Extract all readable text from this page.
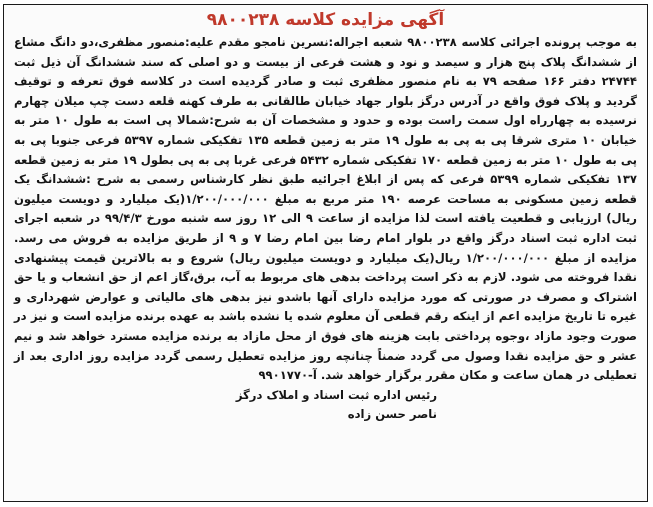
آگهی مزایده کلاسه ۹۸۰۰۲۳۸
به موجب پرونده اجرائی کلاسه ۹۸۰۰۲۳۸ شعبه اجراله:نسرین نامجو مقدم علیه:منصور مظفری،دو دانگ مشاع از ششدانگ پلاک پنج هزار و سیصد و نود و هشت فرعی از بیست و دو اصلی که سند ششدانگ آن ذیل ثبت ۲۴۷۴۴ دفتر ۱۶۶ صفحه ۷۹ به نام منصور مظفری ثبت و صادر گردیده است در کلاسه فوق تعرفه و توقیف گردید و پلاک فوق واقع در آدرس درگز بلوار جهاد خیابان طالقانی به طرف کهنه قلعه دست چپ میلان چهارم نرسیده به چهارراه اول سمت راست بوده و حدود و مشخصات آن به شرح:شمالا پی است به طول ۱۰ متر به خیابان ۱۰ متری شرقا پی به پی به طول ۱۹ متر به زمین قطعه ۱۳۵ تفکیکی شماره ۵۳۹۷ فرعی جنوبا پی به پی به طول ۱۰ متر به زمین قطعه ۱۷۰ تفکیکی شماره ۵۴۳۲ فرعی غربا پی به پی بطول ۱۹ متر به زمین قطعه ۱۳۷ تفکیکی شماره ۵۳۹۹ فرعی که پس از ابلاغ اجرائیه طبق نظر کارشناس رسمی به شرح :ششدانگ یک قطعه زمین مسکونی به مساحت عرصه ۱۹۰ متر مربع به مبلغ ۱/۲۰۰/۰۰۰/۰۰۰(یک میلیارد و دویست میلیون ریال) ارزیابی و قطعیت یافته است لذا مزایده از ساعت ۹ الی ۱۲ روز سه شنبه مورخ ۹۹/۴/۳ در شعبه اجرای ثبت اداره ثبت اسناد درگز واقع در بلوار امام رضا بین امام رضا ۷ و ۹ از طریق مزایده به فروش می رسد. مزایده از مبلغ ۱/۲۰۰/۰۰۰/۰۰۰ ریال(یک میلیارد و دویست میلیون ریال) شروع و به بالاترین قیمت پیشنهادی نقدا فروخته می شود. لازم به ذکر است پرداخت بدهی های مربوط به آب، برق،گاز اعم از حق انشعاب و یا حق اشتراک و مصرف در صورتی که مورد مزایده دارای آنها باشدو نیز بدهی های مالیاتی و عوارض شهرداری و غیره تا تاریخ مزایده اعم از اینکه رقم قطعی آن معلوم شده یا نشده باشد به عهده برنده مزایده است و نیز در صورت وجود مازاد ،وجوه پرداختی بابت هزینه های فوق از محل مازاد به برنده مزایده مسترد خواهد شد و نیم عشر و حق مزایده نقدا وصول می گردد ضمناً چنانچه روز مزایده تعطیل رسمی گردد مزایده روز اداری بعد از تعطیلی در همان ساعت و مکان مقرر برگزار خواهد شد. آ-۹۹۰۱۷۷۰
رئیس اداره ثبت اسناد و املاک درگز
ناصر حسن زاده
